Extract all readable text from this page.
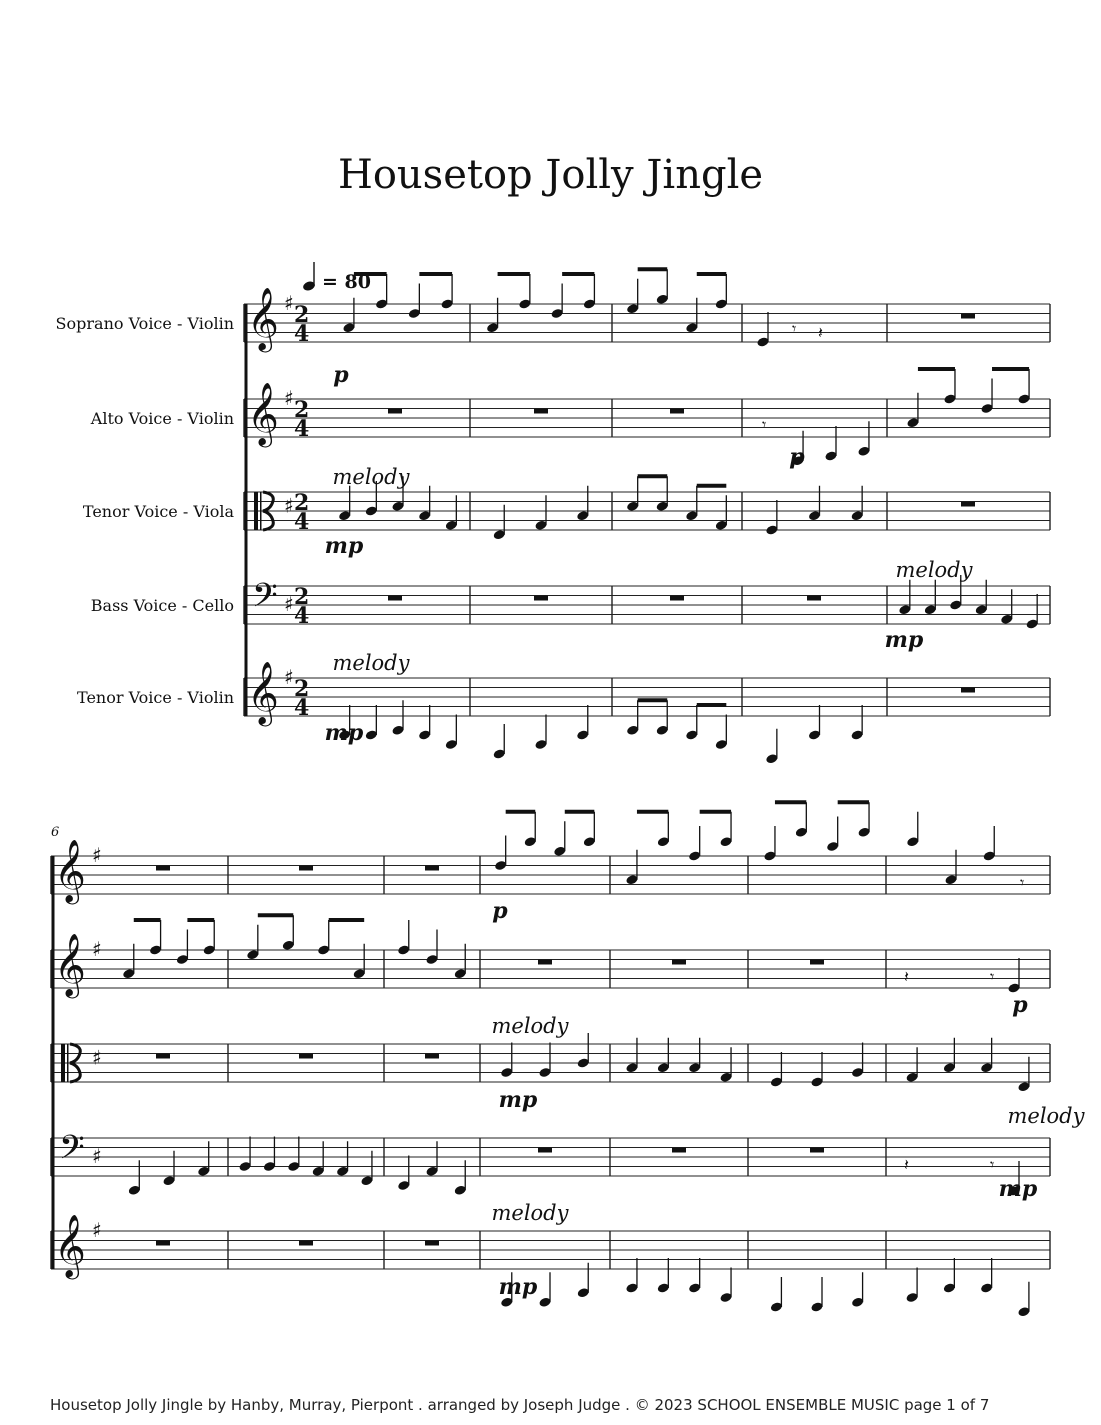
Housetop Jolly Jingle
Soprano Voice - Violin 𝄞 ♯ 2
4
Alto Voice - Violin 𝄞 ♯ 2
4
Tenor Voice - Viola	♯ 2
4
Bass Voice - Cello 𝄢 ♯ 2
4
Tenor Voice - Violin 𝄞 ♯ 2
4
= 80
𝄾 𝄽
p
𝄾
p
melody
mp
melody
mp
melody
mp
𝄞 ♯
𝄞 ♯
♯
𝄢 ♯
𝄞 ♯
6
𝄾
p
𝄽	𝄾
p
melody
mp
𝄽	𝄾
melody
mp
melody
mp
Housetop Jolly Jingle by Hanby, Murray, Pierpont . arranged by Joseph Judge . © 2023 SCHOOL ENSEMBLE MUSIC page 1 of 7
